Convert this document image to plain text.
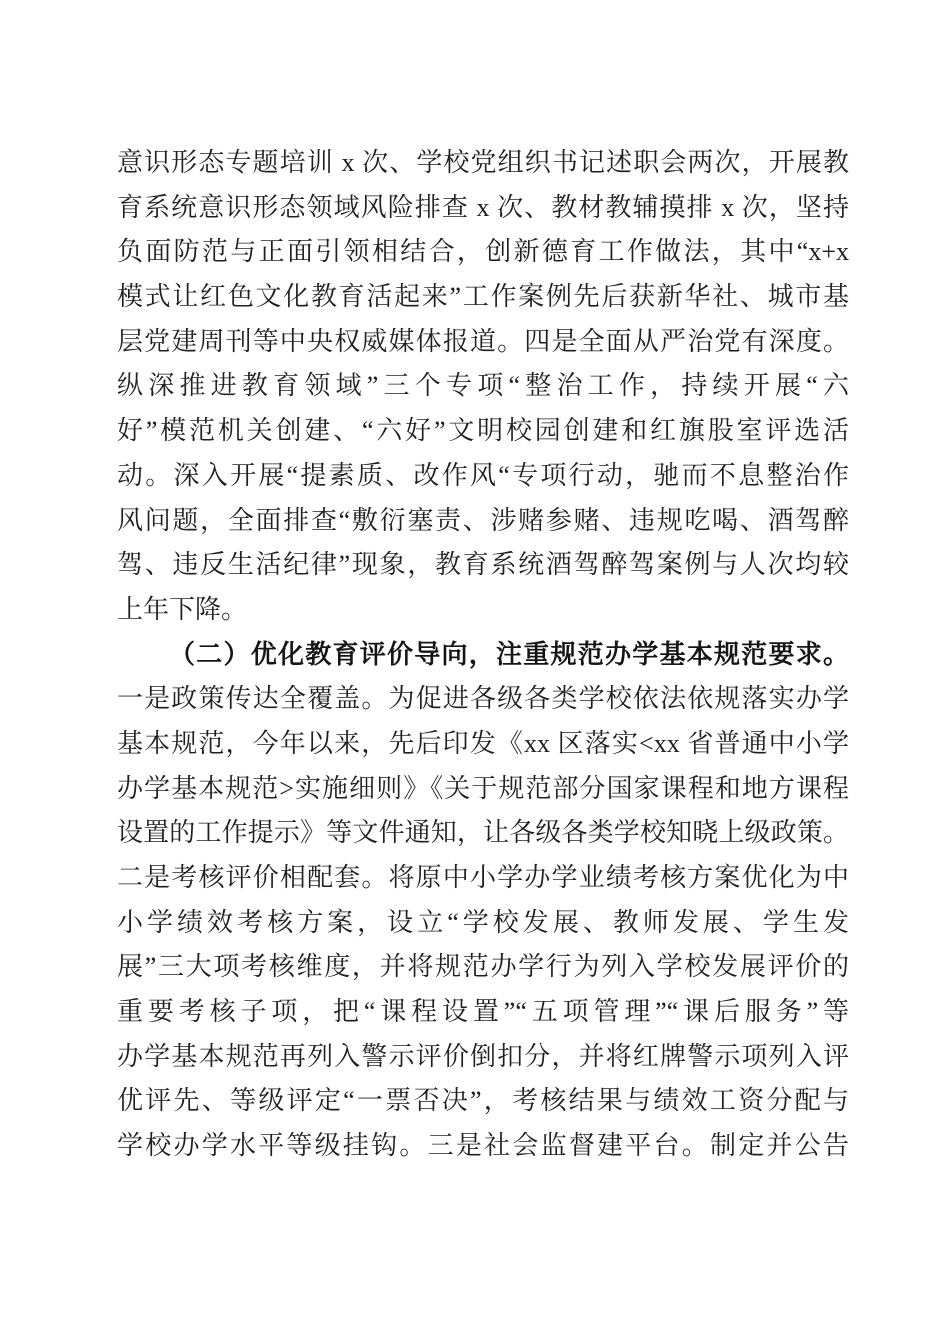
意识形态专题培训 x 次、学校党组织书记述职会两次，开展教
育系统意识形态领域风险排查 x 次、教材教辅摸排 x 次，坚持
负面防范与正面引领相结合，创新德育工作做法，其中“x+x
模式让红色文化教育活起来”工作案例先后获新华社、城市基
层党建周刊等中央权威媒体报道。四是全面从严治党有深度。
纵深推进教育领域”三个专项“整治工作，持续开展“六
好”模范机关创建、“六好”文明校园创建和红旗股室评选活
动。深入开展“提素质、改作风“专项行动，驰而不息整治作
风问题，全面排查“敷衍塞责、涉赌参赌、违规吃喝、酒驾醉
驾、违反生活纪律”现象，教育系统酒驾醉驾案例与人次均较
上年下降。
（二）优化教育评价导向，注重规范办学基本规范要求。
一是政策传达全覆盖。为促进各级各类学校依法依规落实办学
基本规范，今年以来，先后印发《xx 区落实<xx 省普通中小学
办学基本规范>实施细则》《关于规范部分国家课程和地方课程
设置的工作提示》等文件通知，让各级各类学校知晓上级政策。
二是考核评价相配套。将原中小学办学业绩考核方案优化为中
小学绩效考核方案，设立“学校发展、教师发展、学生发
展”三大项考核维度，并将规范办学行为列入学校发展评价的
重要考核子项，把“课程设置”“五项管理”“课后服务”等
办学基本规范再列入警示评价倒扣分，并将红牌警示项列入评
优评先、等级评定“一票否决”，考核结果与绩效工资分配与
学校办学水平等级挂钩。三是社会监督建平台。制定并公告
